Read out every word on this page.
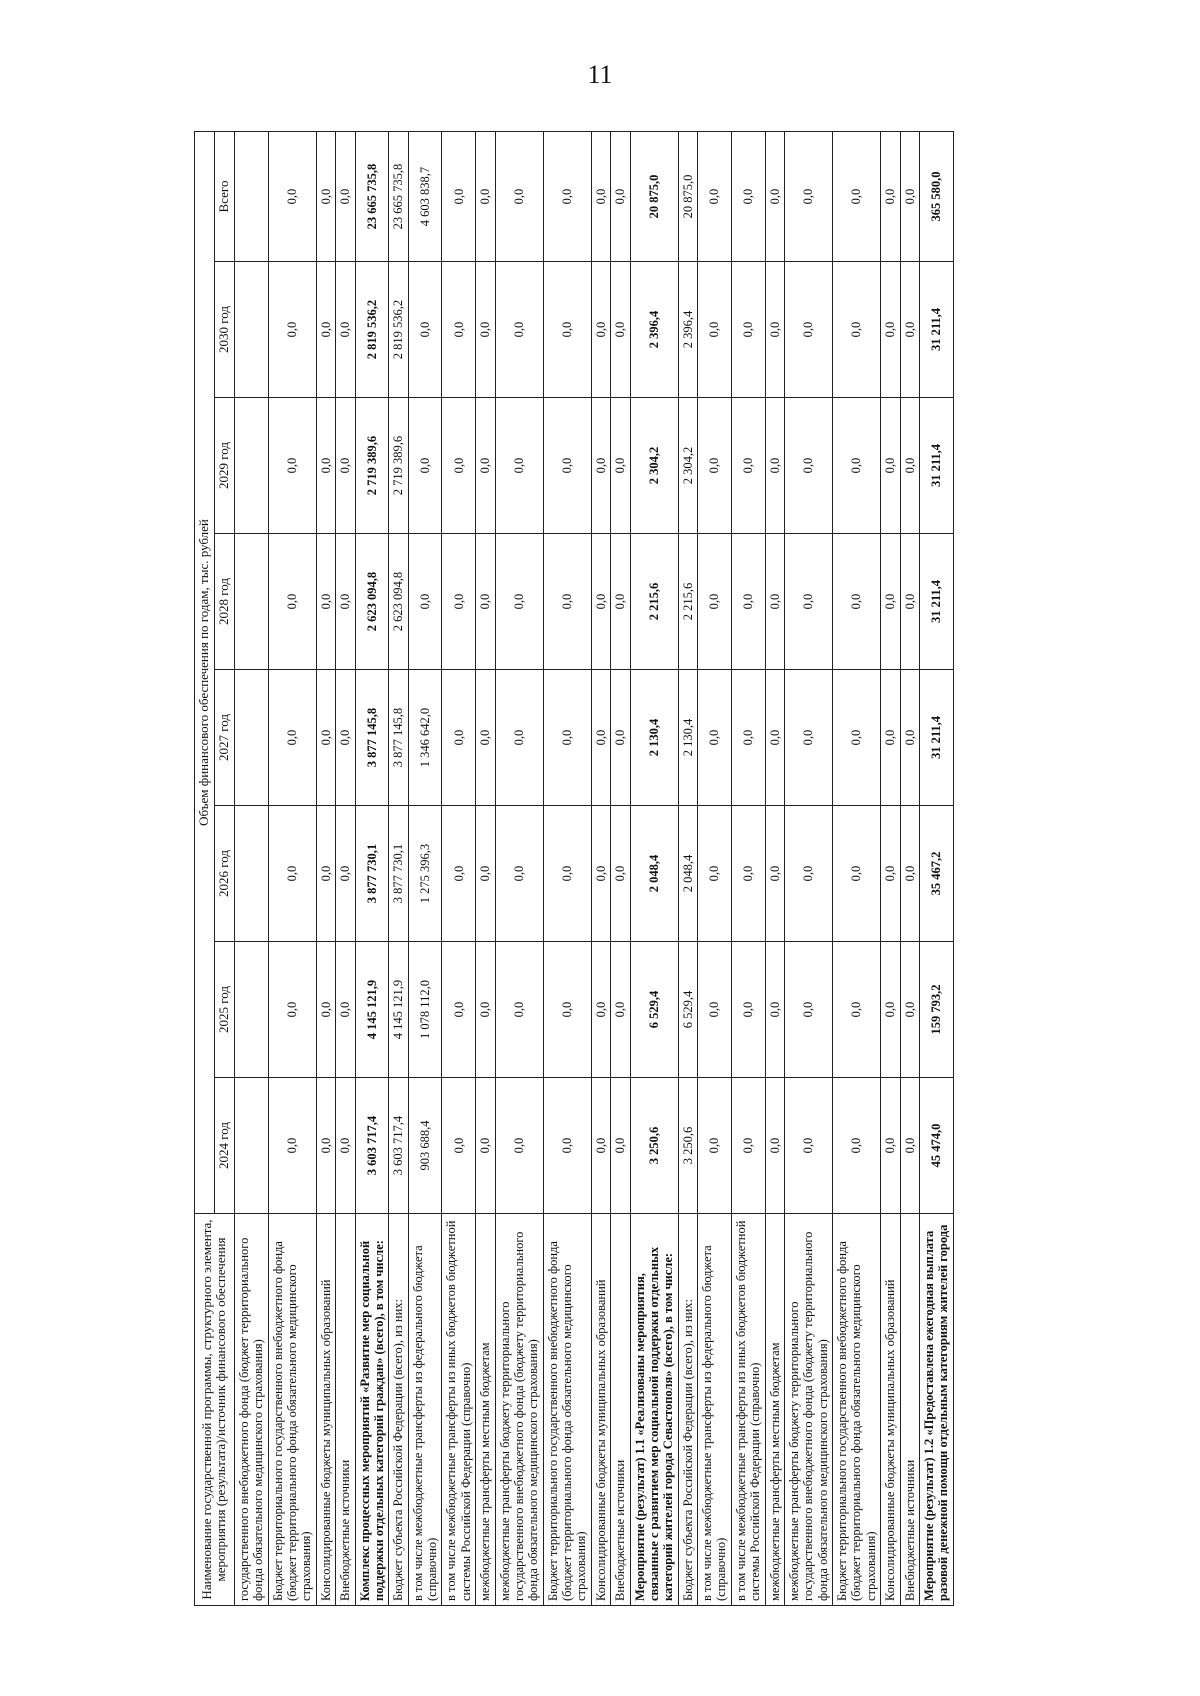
11
Наименование государственной программы, структурного элемента, мероприятия (результата)/источник финансового обеспечения	Объем финансового обеспечения по годам, тыс. рублей							
	2024 год	2025 год	2026 год	2027 год	2028 год	2029 год	2030 год	Всего
государственного внебюджетного фонда (бюджет территориального фонда обязательного медицинского страхования)								
Бюджет территориального государственного внебюджетного фонда (бюджет территориального фонда обязательного медицинского страхования)	0,0	0,0	0,0	0,0	0,0	0,0	0,0	0,0
Консолидированные бюджеты муниципальных образований	0,0	0,0	0,0	0,0	0,0	0,0	0,0	0,0
Внебюджетные источники	0,0	0,0	0,0	0,0	0,0	0,0	0,0	0,0
Комплекс процессных мероприятий «Развитие мер социальной поддержки отдельных категорий граждан» (всего), в том числе:	3 603 717,4	4 145 121,9	3 877 730,1	3 877 145,8	2 623 094,8	2 719 389,6	2 819 536,2	23 665 735,8
Бюджет субъекта Российской Федерации (всего), из них:	3 603 717,4	4 145 121,9	3 877 730,1	3 877 145,8	2 623 094,8	2 719 389,6	2 819 536,2	23 665 735,8
в том числе межбюджетные трансферты из федерального бюджета (справочно)	903 688,4	1 078 112,0	1 275 396,3	1 346 642,0	0,0	0,0	0,0	4 603 838,7
в том числе межбюджетные трансферты из иных бюджетов бюджетной системы Российской Федерации (справочно)	0,0	0,0	0,0	0,0	0,0	0,0	0,0	0,0
межбюджетные трансферты местным бюджетам	0,0	0,0	0,0	0,0	0,0	0,0	0,0	0,0
межбюджетные трансферты бюджету территориального государственного внебюджетного фонда (бюджету территориального фонда обязательного медицинского страхования)	0,0	0,0	0,0	0,0	0,0	0,0	0,0	0,0
Бюджет территориального государственного внебюджетного фонда (бюджет территориального фонда обязательного медицинского страхования)	0,0	0,0	0,0	0,0	0,0	0,0	0,0	0,0
Консолидированные бюджеты муниципальных образований	0,0	0,0	0,0	0,0	0,0	0,0	0,0	0,0
Внебюджетные источники	0,0	0,0	0,0	0,0	0,0	0,0	0,0	0,0
Мероприятие (результат) 1.1 «Реализованы мероприятия, связанные с развитием мер социальной поддержки отдельных категорий жителей города Севастополя» (всего), в том числе:	3 250,6	6 529,4	2 048,4	2 130,4	2 215,6	2 304,2	2 396,4	20 875,0
Бюджет субъекта Российской Федерации (всего), из них:	3 250,6	6 529,4	2 048,4	2 130,4	2 215,6	2 304,2	2 396,4	20 875,0
в том числе межбюджетные трансферты из федерального бюджета (справочно)	0,0	0,0	0,0	0,0	0,0	0,0	0,0	0,0
в том числе межбюджетные трансферты из иных бюджетов бюджетной системы Российской Федерации (справочно)	0,0	0,0	0,0	0,0	0,0	0,0	0,0	0,0
межбюджетные трансферты местным бюджетам	0,0	0,0	0,0	0,0	0,0	0,0	0,0	0,0
межбюджетные трансферты бюджету территориального государственного внебюджетного фонда (бюджету территориального фонда обязательного медицинского страхования)	0,0	0,0	0,0	0,0	0,0	0,0	0,0	0,0
Бюджет территориального государственного внебюджетного фонда (бюджет территориального фонда обязательного медицинского страхования)	0,0	0,0	0,0	0,0	0,0	0,0	0,0	0,0
Консолидированные бюджеты муниципальных образований	0,0	0,0	0,0	0,0	0,0	0,0	0,0	0,0
Внебюджетные источники	0,0	0,0	0,0	0,0	0,0	0,0	0,0	0,0
Мероприятие (результат) 1.2 «Предоставлена ежегодная выплата разовой денежной помощи отдельным категориям жителей города	45 474,0	159 793,2	35 467,2	31 211,4	31 211,4	31 211,4	31 211,4	365 580,0
